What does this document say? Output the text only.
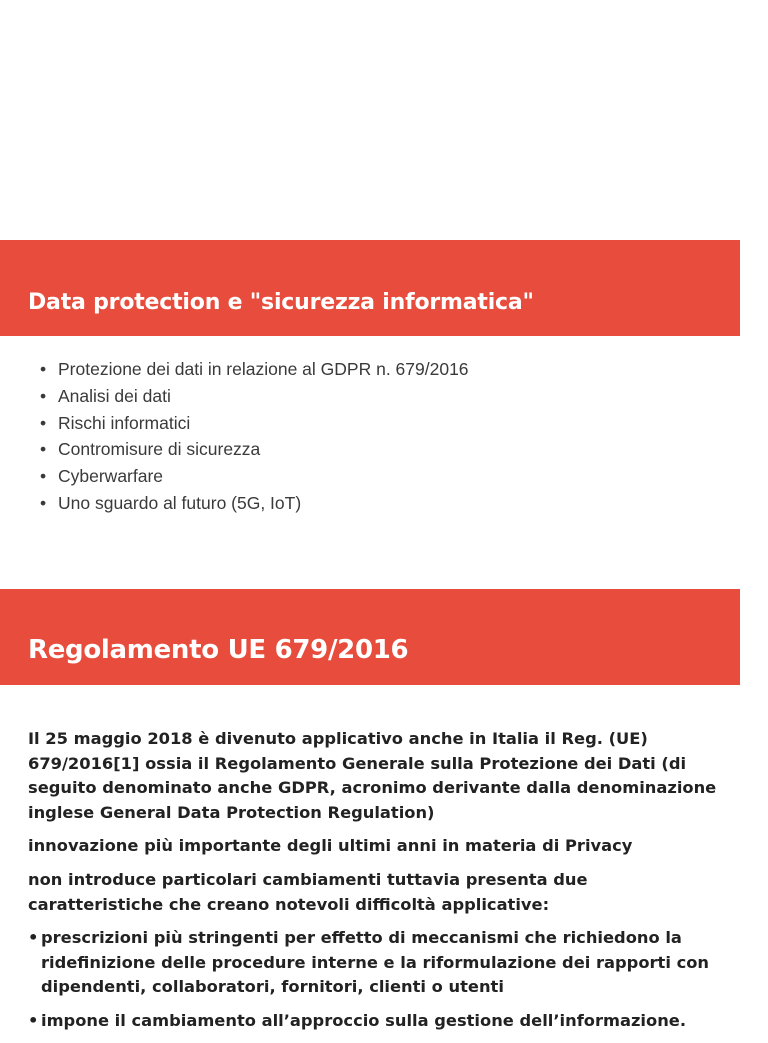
Data protection e "sicurezza informatica"
• Protezione dei dati in relazione al GDPR n. 679/2016
• Analisi dei dati
• Rischi informatici
• Contromisure di sicurezza
• Cyberwarfare
• Uno sguardo al futuro (5G, IoT)
Regolamento UE 679/2016

Il 25 maggio 2018 è divenuto applicativo anche in Italia il Reg. (UE) 679/2016[1] ossia il Regolamento Generale sulla Protezione dei Dati (di seguito denominato anche GDPR, acronimo derivante dalla denominazione inglese General Data Protection Regulation)

innovazione più importante degli ultimi anni in materia di Privacy

non introduce particolari cambiamenti tuttavia presenta due caratteristiche che creano notevoli difficoltà applicative:

• prescrizioni più stringenti per effetto di meccanismi che richiedono la ridefinizione delle procedure interne e la riformulazione dei rapporti con dipendenti, collaboratori, fornitori, clienti o utenti
• impone il cambiamento all’approccio sulla gestione dell’informazione.
